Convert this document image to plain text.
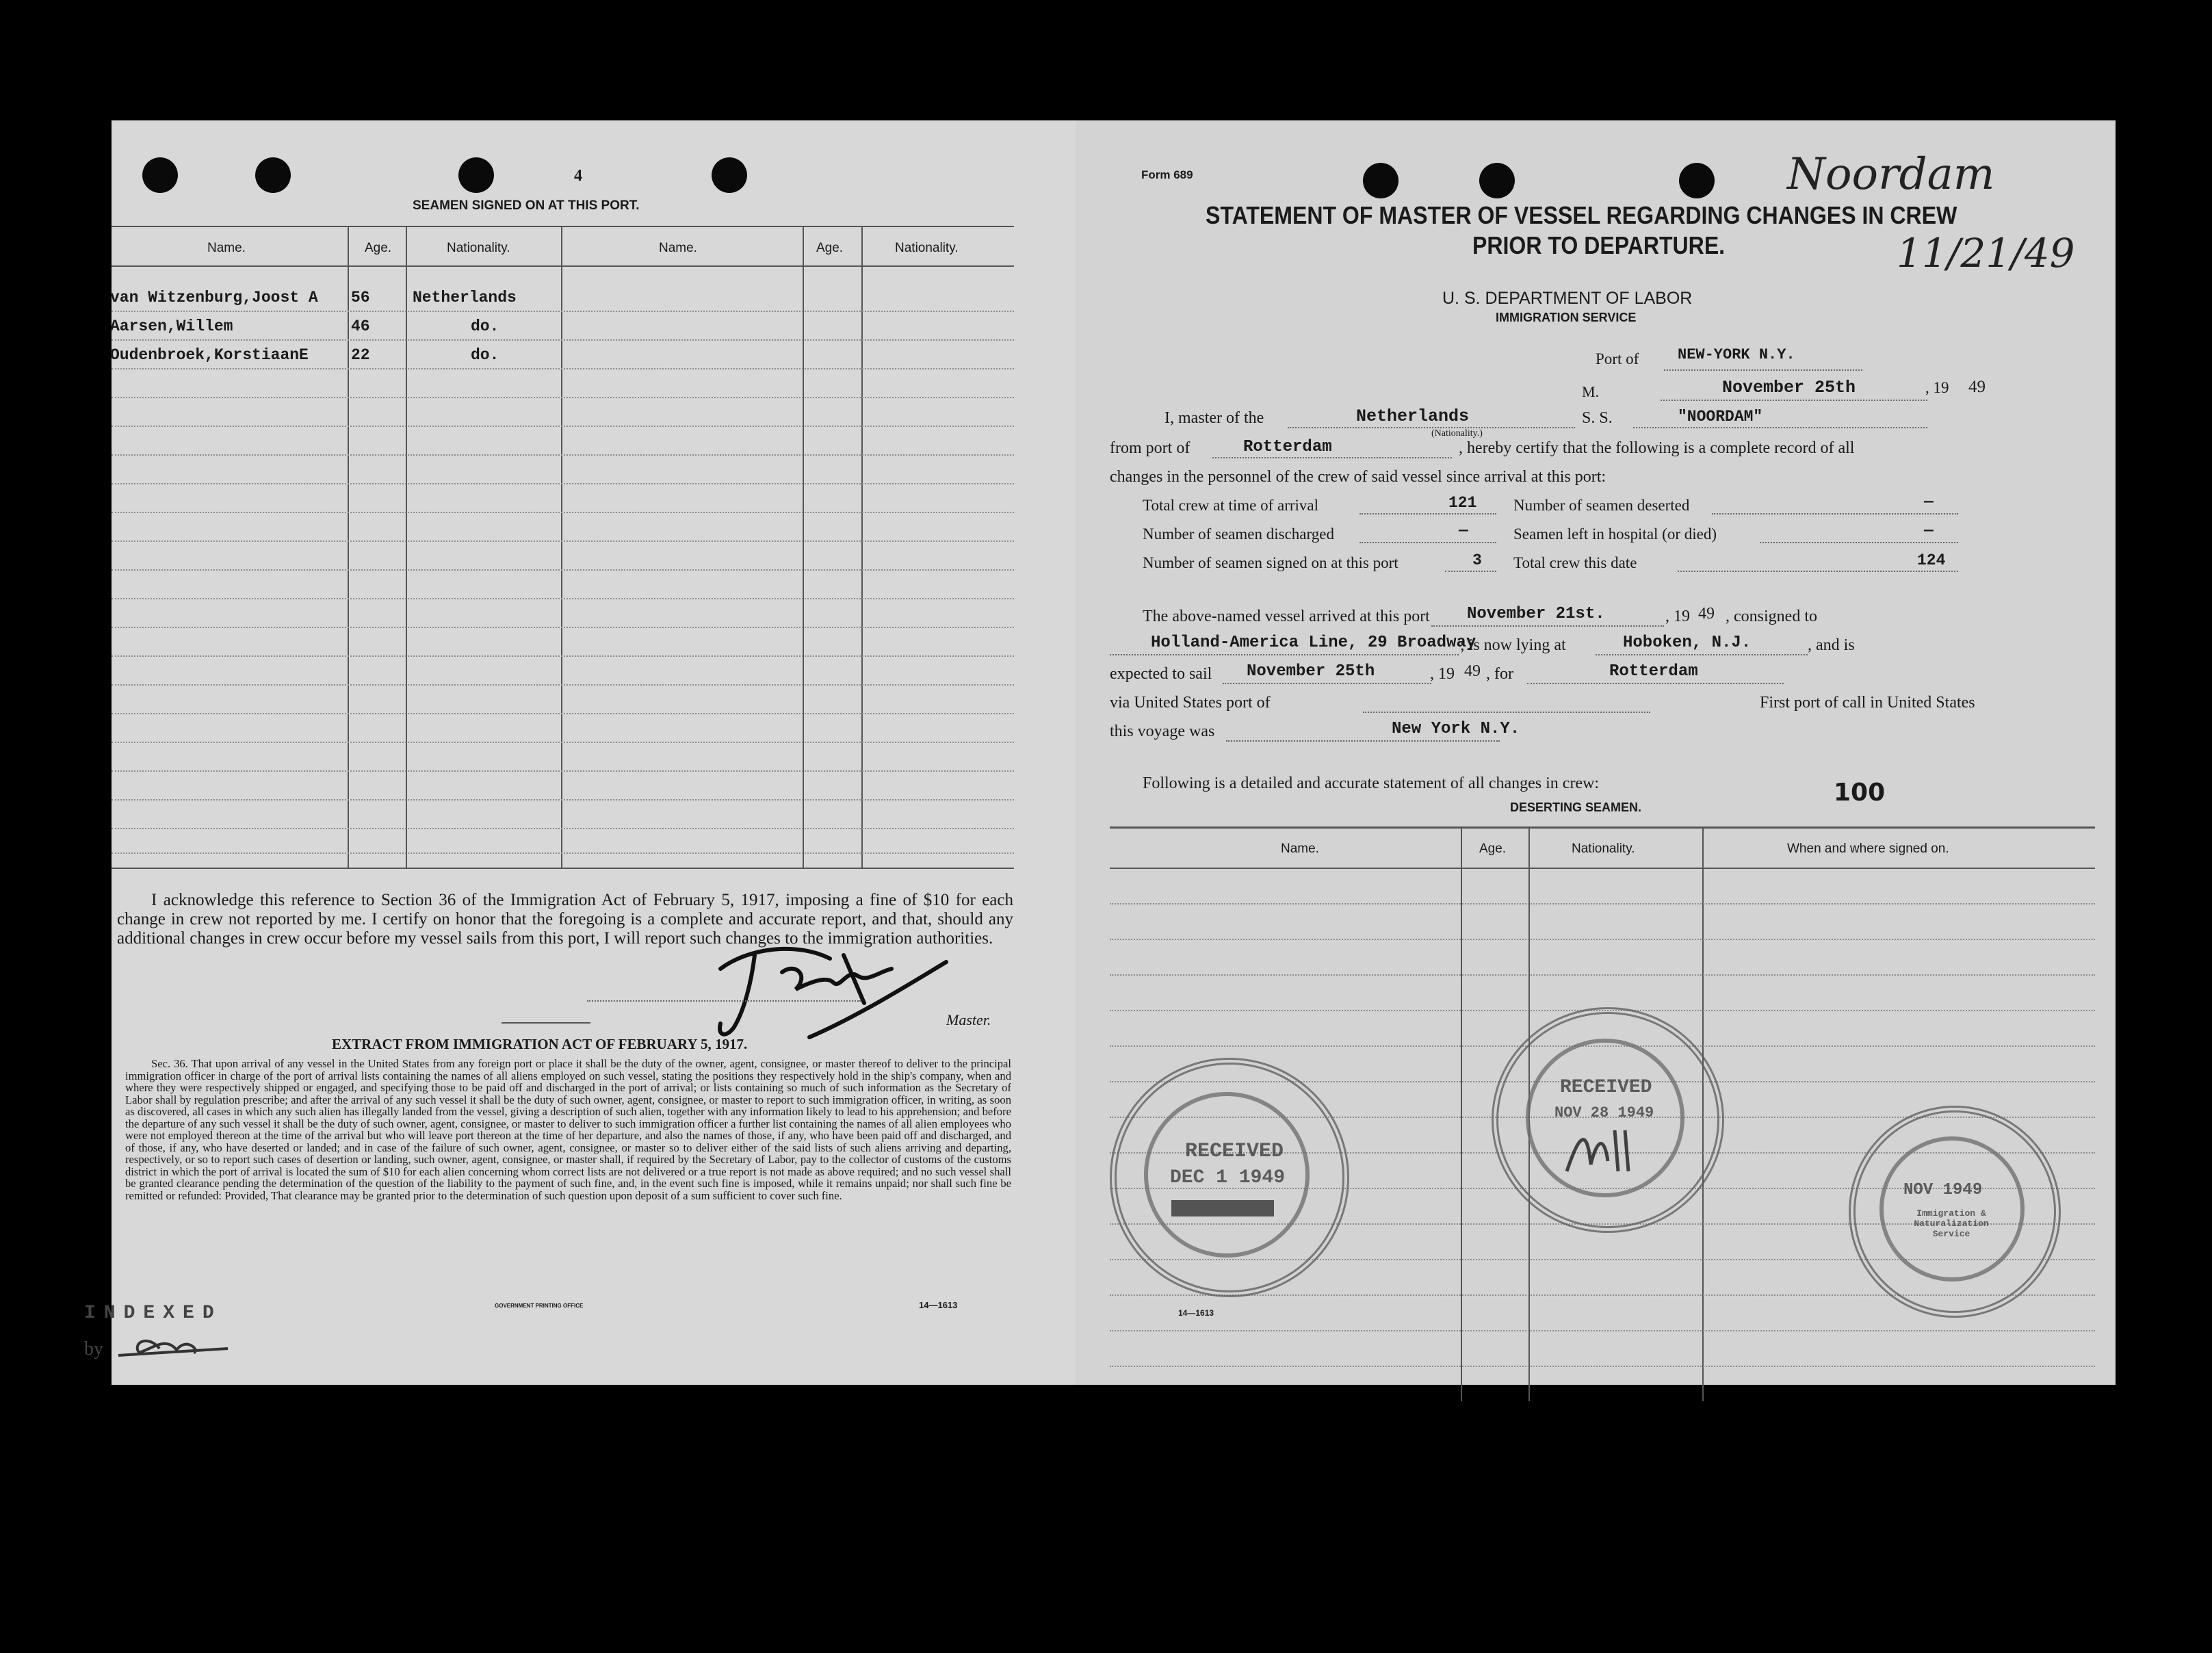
4
SEAMEN SIGNED ON AT THIS PORT.
Name.	Age.	Nationality.	Name.	Age.	Nationality.
van Witzenburg,Joost A 56	Netherlands
Aarsen,Willem	46	do.
Oudenbroek,KorstiaanE	22	do.
I acknowledge this reference to Section 36 of the Immigration Act of February 5, 1917, imposing a fine of $10 for each change in crew not reported by me. I certify on honor that the foregoing is a complete and accurate report, and that, should any additional changes in crew occur before my vessel sails from this port, I will report such changes to the immigration authorities.
Master.
EXTRACT FROM IMMIGRATION ACT OF FEBRUARY 5, 1917.
Sec. 36. That upon arrival of any vessel in the United States from any foreign port or place it shall be the duty of the owner, agent, consignee, or master thereof to deliver to the principal immigration officer in charge of the port of arrival lists containing the names of all aliens employed on such vessel, stating the positions they respectively hold in the ship's company, when and where they were respectively shipped or engaged, and specifying those to be paid off and discharged in the port of arrival; or lists containing so much of such information as the Secretary of Labor shall by regulation prescribe; and after the arrival of any such vessel it shall be the duty of such owner, agent, consignee, or master to report to such immigration officer, in writing, as soon as discovered, all cases in which any such alien has illegally landed from the vessel, giving a description of such alien, together with any information likely to lead to his apprehension; and before the departure of any such vessel it shall be the duty of such owner, agent, consignee, or master to deliver to such immigration officer a further list containing the names of all alien employees who were not employed thereon at the time of the arrival but who will leave port thereon at the time of her departure, and also the names of those, if any, who have been paid off and discharged, and of those, if any, who have deserted or landed; and in case of the failure of such owner, agent, consignee, or master so to deliver either of the said lists of such aliens arriving and departing, respectively, or so to report such cases of desertion or landing, such owner, agent, consignee, or master shall, if required by the Secretary of Labor, pay to the collector of customs of the customs district in which the port of arrival is located the sum of $10 for each alien concerning whom correct lists are not delivered or a true report is not made as above required; and no such vessel shall be granted clearance pending the determination of the question of the liability to the payment of such fine, and, in the event such fine is imposed, while it remains unpaid; nor shall such fine be remitted or refunded: Provided, That clearance may be granted prior to the determination of such question upon deposit of a sum sufficient to cover such fine.
GOVERNMENT PRINTING OFFICE	14—1613
INDEXED
by
Form 689
STATEMENT OF MASTER OF VESSEL REGARDING CHANGES IN CREW
PRIOR TO DEPARTURE.
Noordam
11/21/49
U. S. DEPARTMENT OF LABOR
IMMIGRATION SERVICE
Port of	NEW-YORK N.Y.
M.	November 25th	, 19 49
I, master of the	Netherlands
(Nationality.)
S. S.	"NOORDAM"
from port of	Rotterdam	, hereby certify that the following is a complete record of all
changes in the personnel of the crew of said vessel since arrival at this port:
Total crew at time of arrival	121
Number of seamen discharged	—
Number of seamen signed on at this port	3
Number of seamen deserted	—
Seamen left in hospital (or died)	—
Total crew this date	124
The above-named vessel arrived at this port November 21st.	, 19 49 , consigned to
Holland-America Line, 29 Broadway
; is now lying at	Hoboken, N.J.	, and is
expected to sail November 25th	, 19 49 , for	Rotterdam
via United States port of	First port of call in United States
this voyage was	New York N.Y.
Following is a detailed and accurate statement of all changes in crew:	100
DESERTING SEAMEN.
Name.	Age.	Nationality.	When and where signed on.
14—1613
RECEIVED
DEC 1 1949
RECEIVED
NOV 28 1949
NOV 1949
Immigration & Naturalization Service
